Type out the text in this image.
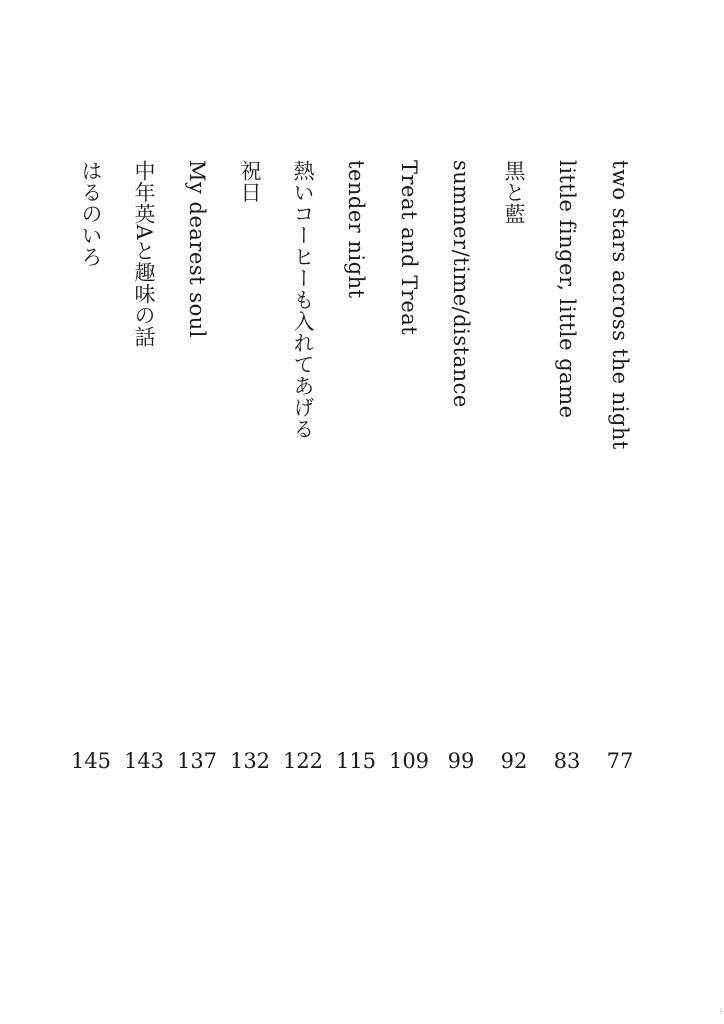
two stars across the night
77
little finger, little game
83
黒と藍
92
summer/time/distance
99
Treat and Treat
109
tender night
115
熱いコーヒーも入れてあげる
122
祝日
132
My dearest soul
137
中年英Aと趣味の話
143
はるのいろ
145
:
